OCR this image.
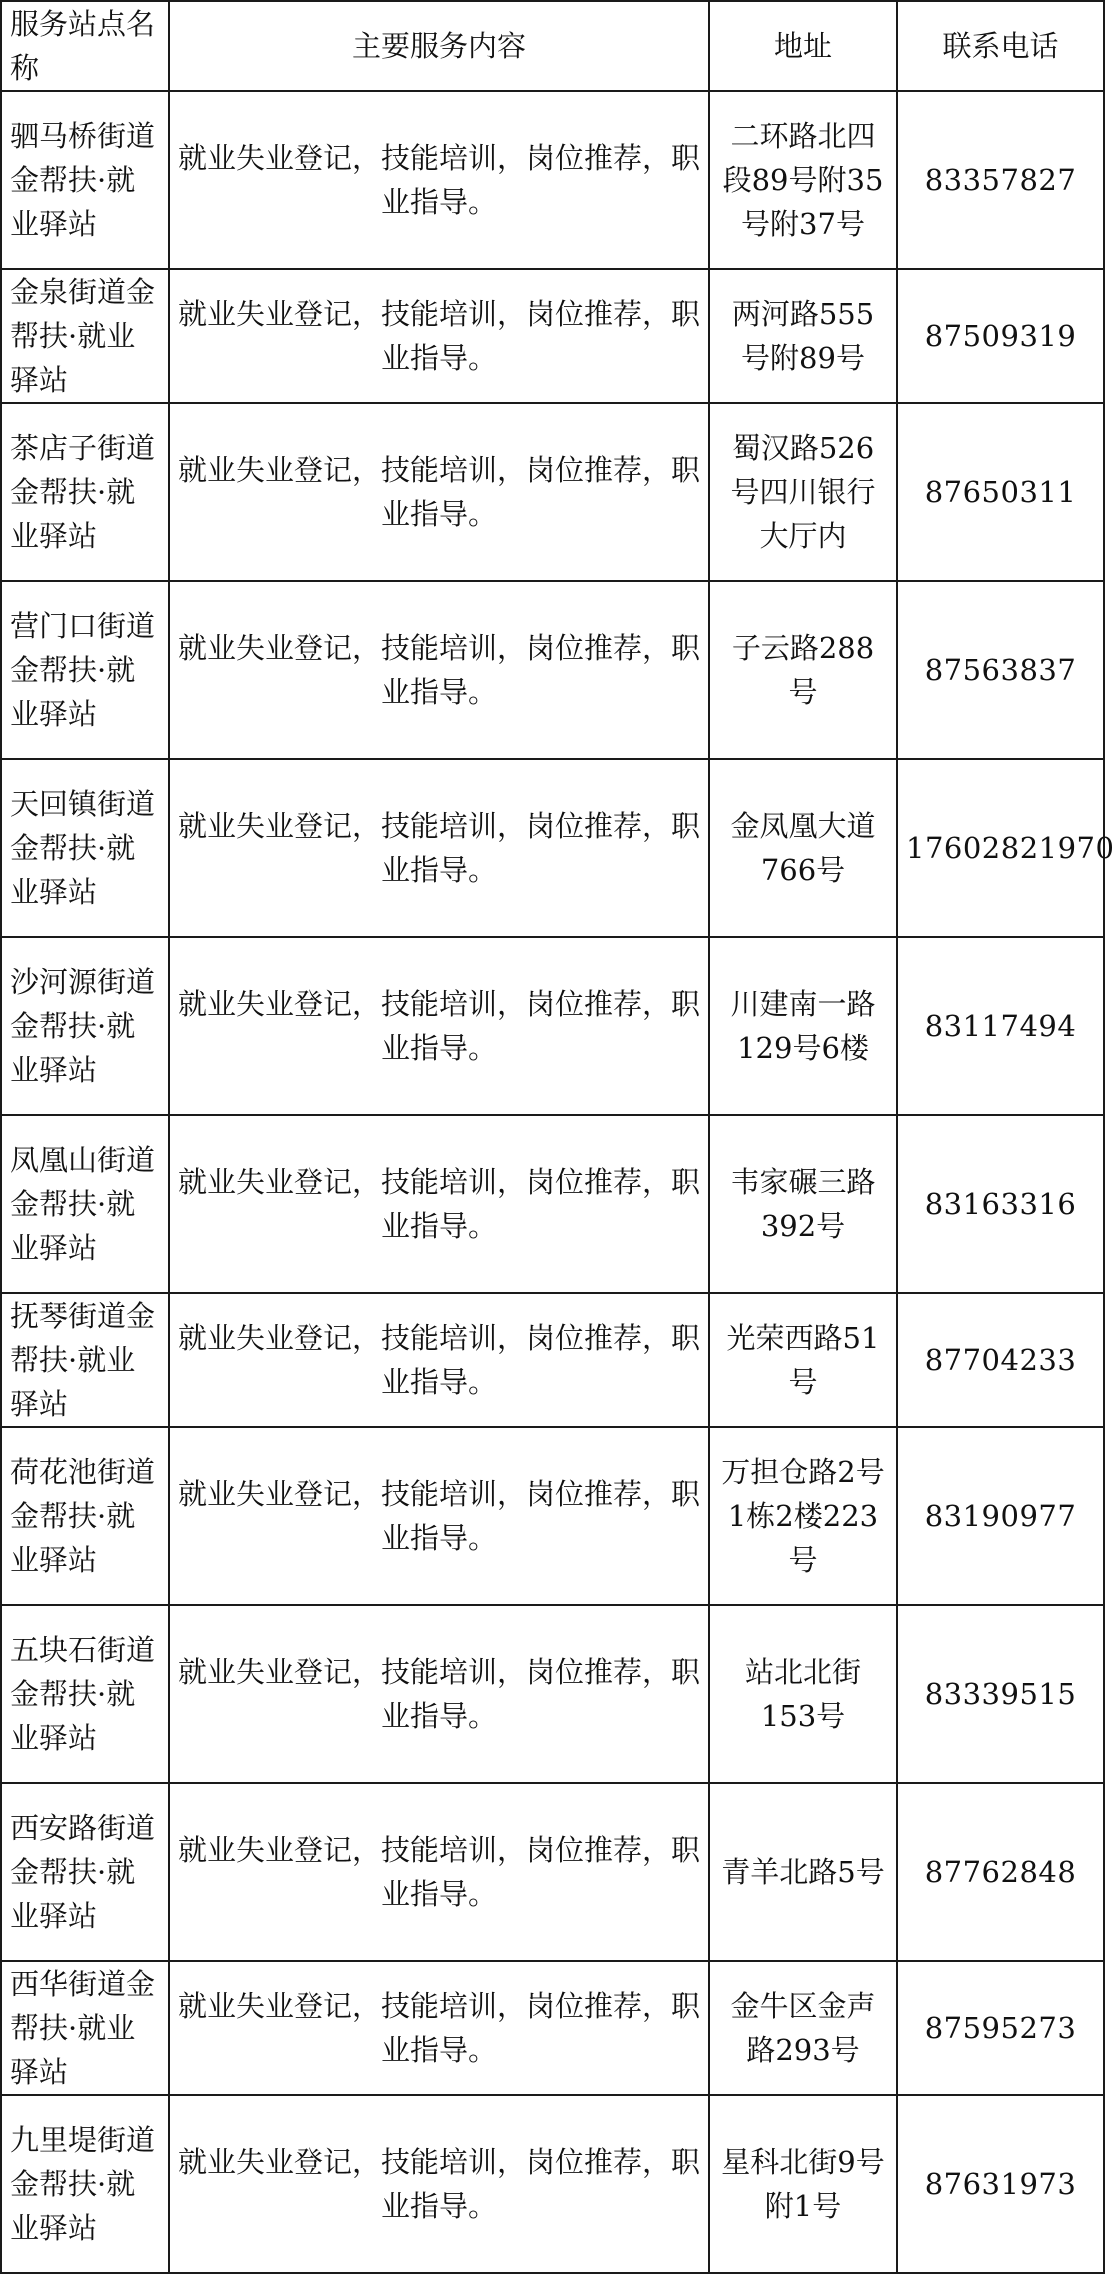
服务站点名称	主要服务内容	地址	联系电话

驷马桥街道金帮扶·就业驿站	就业失业登记，技能培训，岗位推荐，职业指导。	二环路北四段89号附35号附37号	83357827

金泉街道金帮扶·就业驿站	就业失业登记，技能培训，岗位推荐，职业指导。	两河路555号附89号	87509319

茶店子街道金帮扶·就业驿站	就业失业登记，技能培训，岗位推荐，职业指导。	蜀汉路526号四川银行大厅内	87650311

营门口街道金帮扶·就业驿站	就业失业登记，技能培训，岗位推荐，职业指导。	子云路288号	87563837

天回镇街道金帮扶·就业驿站	就业失业登记，技能培训，岗位推荐，职业指导。	金凤凰大道766号	17602821970

沙河源街道金帮扶·就业驿站	就业失业登记，技能培训，岗位推荐，职业指导。	川建南一路129号6楼	83117494

凤凰山街道金帮扶·就业驿站	就业失业登记，技能培训，岗位推荐，职业指导。	韦家碾三路392号	83163316

抚琴街道金帮扶·就业驿站	就业失业登记，技能培训，岗位推荐，职业指导。	光荣西路51号	87704233

荷花池街道金帮扶·就业驿站	就业失业登记，技能培训，岗位推荐，职业指导。	万担仓路2号1栋2楼223号	83190977

五块石街道金帮扶·就业驿站	就业失业登记，技能培训，岗位推荐，职业指导。	站北北街153号	83339515

西安路街道金帮扶·就业驿站	就业失业登记，技能培训，岗位推荐，职业指导。	青羊北路5号	87762848

西华街道金帮扶·就业驿站	就业失业登记，技能培训，岗位推荐，职业指导。	金牛区金声路293号	87595273

九里堤街道金帮扶·就业驿站	就业失业登记，技能培训，岗位推荐，职业指导。	星科北街9号附1号	87631973
